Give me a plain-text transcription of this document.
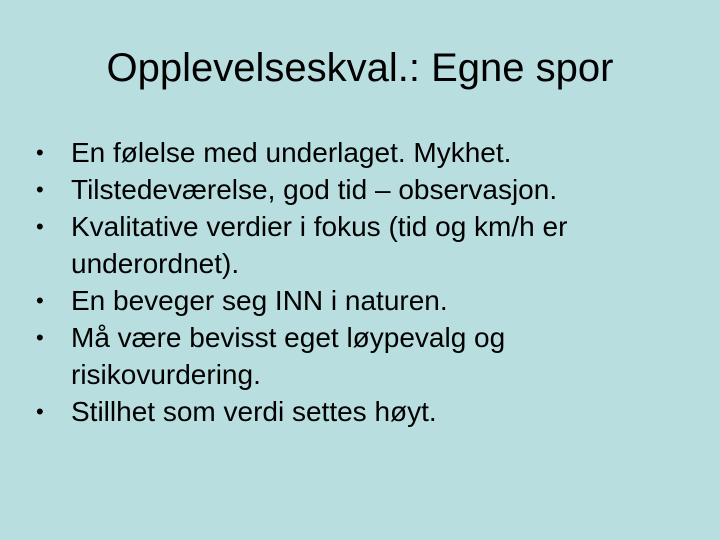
Opplevelseskval.: Egne spor
• En følelse med underlaget. Mykhet.
• Tilstedeværelse, god tid – observasjon.
• Kvalitative verdier i fokus (tid og km/h er underordnet).
• En beveger seg INN i naturen.
• Må være bevisst eget løypevalg og risikovurdering.
• Stillhet som verdi settes høyt.
